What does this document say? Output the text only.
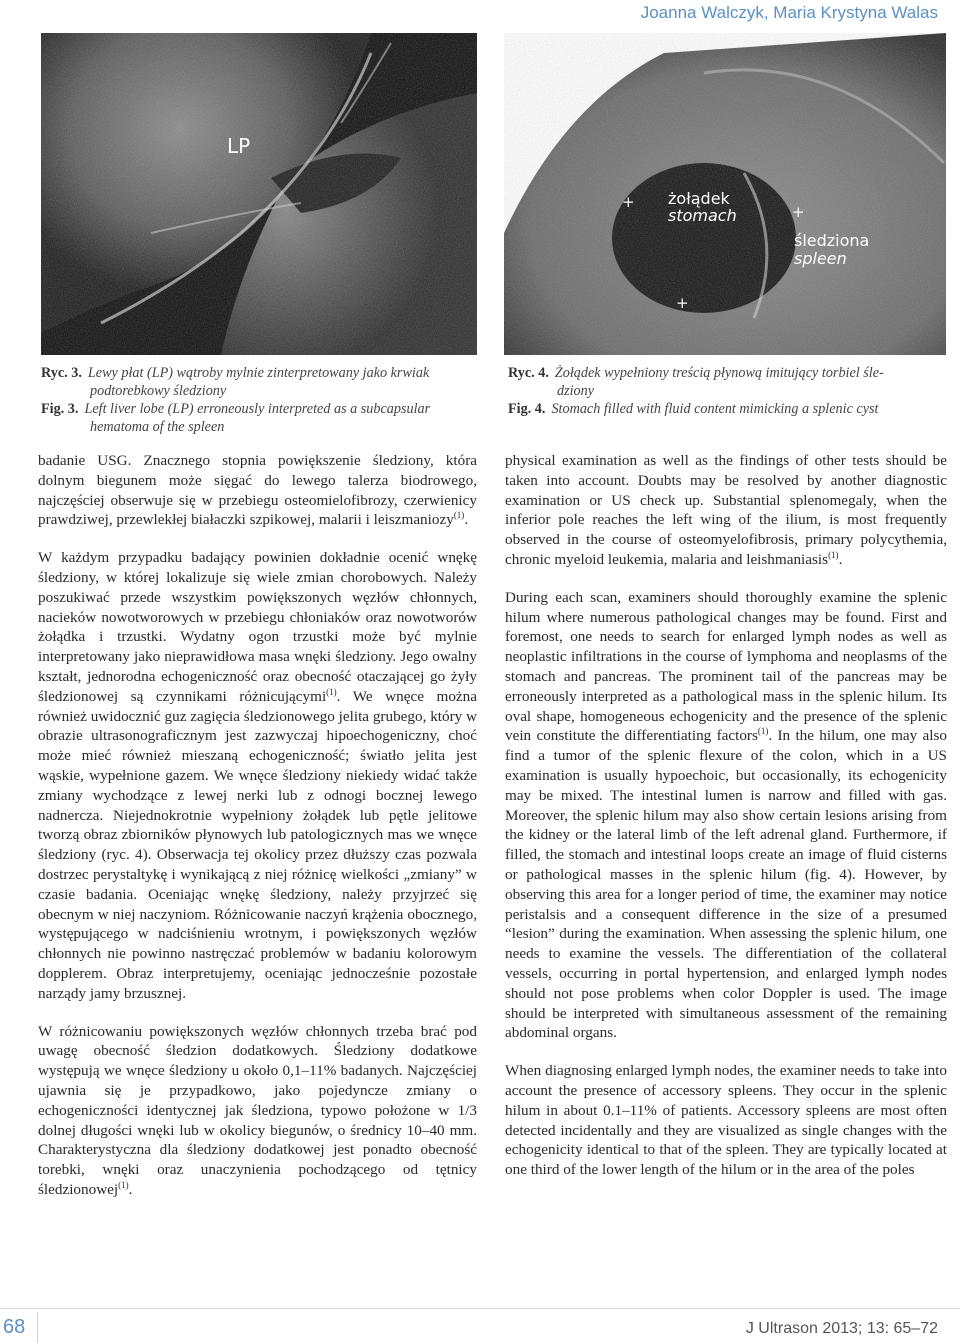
Joanna Walczyk, Maria Krystyna Walas
LP
+
+
+
żołądek
stomach
śledziona
spleen
Ryc. 3. Lewy płat (LP) wątroby mylnie zinterpretowany jako krwiak
podtorebkowy śledziony
Fig. 3. Left liver lobe (LP) erroneously interpreted as a subcapsular
hematoma of the spleen
Ryc. 4. Żołądek wypełniony treścią płynową imitujący torbiel śle-
dziony
Fig. 4. Stomach filled with fluid content mimicking a splenic cyst

badanie USG. Znacznego stopnia powiększenie śledziony, która dolnym biegunem może sięgać do lewego talerza biodrowego, najczęściej obserwuje się w przebiegu osteomielofibrozy, czerwienicy prawdziwej, przewlekłej białaczki szpikowej, malarii i leiszmaniozy$^{(1)}$.

W każdym przypadku badający powinien dokładnie ocenić wnękę śledziony, w której lokalizuje się wiele zmian chorobowych. Należy poszukiwać przede wszystkim powiększonych węzłów chłonnych, nacieków nowotworowych w przebiegu chłoniaków oraz nowotworów żołądka i trzustki. Wydatny ogon trzustki może być mylnie interpretowany jako nieprawidłowa masa wnęki śledziony. Jego owalny kształt, jednorodna echogeniczność oraz obecność otaczającej go żyły śledzionowej są czynnikami różnicującymi$^{(1)}$. We wnęce można również uwidocznić guz zagięcia śledzionowego jelita grubego, który w obrazie ultrasonograficznym jest zazwyczaj hipoechogeniczny, choć może mieć również mieszaną echogeniczność; światło jelita jest wąskie, wypełnione gazem. We wnęce śledziony niekiedy widać także zmiany wychodzące z lewej nerki lub z odnogi bocznej lewego nadnercza. Niejednokrotnie wypełniony żołądek lub pętle jelitowe tworzą obraz zbiorników płynowych lub patologicznych mas we wnęce śledziony (ryc. 4). Obserwacja tej okolicy przez dłuższy czas pozwala dostrzec perystaltykę i wynikającą z niej różnicę wielkości „zmiany” w czasie badania. Oceniając wnękę śledziony, należy przyjrzeć się obecnym w niej naczyniom. Różnicowanie naczyń krążenia obocznego, występującego w nadciśnieniu wrotnym, i powiększonych węzłów chłonnych nie powinno nastręczać problemów w badaniu kolorowym dopplerem. Obraz interpretujemy, oceniając jednocześnie pozostałe narządy jamy brzusznej.

W różnicowaniu powiększonych węzłów chłonnych trzeba brać pod uwagę obecność śledzion dodatkowych. Śledziony dodatkowe występują we wnęce śledziony u około 0,1–11% badanych. Najczęściej ujawnia się je przypadkowo, jako pojedyncze zmiany o echogeniczności identycznej jak śledziona, typowo położone w 1/3 dolnej długości wnęki lub w okolicy biegunów, o średnicy 10–40 mm. Charakterystyczna dla śledziony dodatkowej jest ponadto obecność torebki, wnęki oraz unaczynienia pochodzącego od tętnicy śledzionowej$^{(1)}$.

physical examination as well as the findings of other tests should be taken into account. Doubts may be resolved by another diagnostic examination or US check up. Substantial splenomegaly, when the inferior pole reaches the left wing of the ilium, is most frequently observed in the course of osteomyelofibrosis, primary polycythemia, chronic myeloid leukemia, malaria and leishmaniasis$^{(1)}$.

During each scan, examiners should thoroughly examine the splenic hilum where numerous pathological changes may be found. First and foremost, one needs to search for enlarged lymph nodes as well as neoplastic infiltrations in the course of lymphoma and neoplasms of the stomach and pancreas. The prominent tail of the pancreas may be erroneously interpreted as a pathological mass in the splenic hilum. Its oval shape, homogeneous echogenicity and the presence of the splenic vein constitute the differentiating factors$^{(1)}$. In the hilum, one may also find a tumor of the splenic flexure of the colon, which in a US examination is usually hypoechoic, but occasionally, its echogenicity may be mixed. The intestinal lumen is narrow and filled with gas. Moreover, the splenic hilum may also show certain lesions arising from the kidney or the lateral limb of the left adrenal gland. Furthermore, if filled, the stomach and intestinal loops create an image of fluid cisterns or pathological masses in the splenic hilum (fig. 4). However, by observing this area for a longer period of time, the examiner may notice peristalsis and a consequent difference in the size of a presumed “lesion” during the examination. When assessing the splenic hilum, one needs to examine the vessels. The differentiation of the collateral vessels, occurring in portal hypertension, and enlarged lymph nodes should not pose problems when color Doppler is used. The image should be interpreted with simultaneous assessment of the remaining abdominal organs.

When diagnosing enlarged lymph nodes, the examiner needs to take into account the presence of accessory spleens. They occur in the splenic hilum in about 0.1–11% of patients. Accessory spleens are most often detected incidentally and they are visualized as single changes with the echogenicity identical to that of the spleen. They are typically located at one third of the lower length of the hilum or in the area of the poles

68	J Ultrason 2013; 13: 65–72
